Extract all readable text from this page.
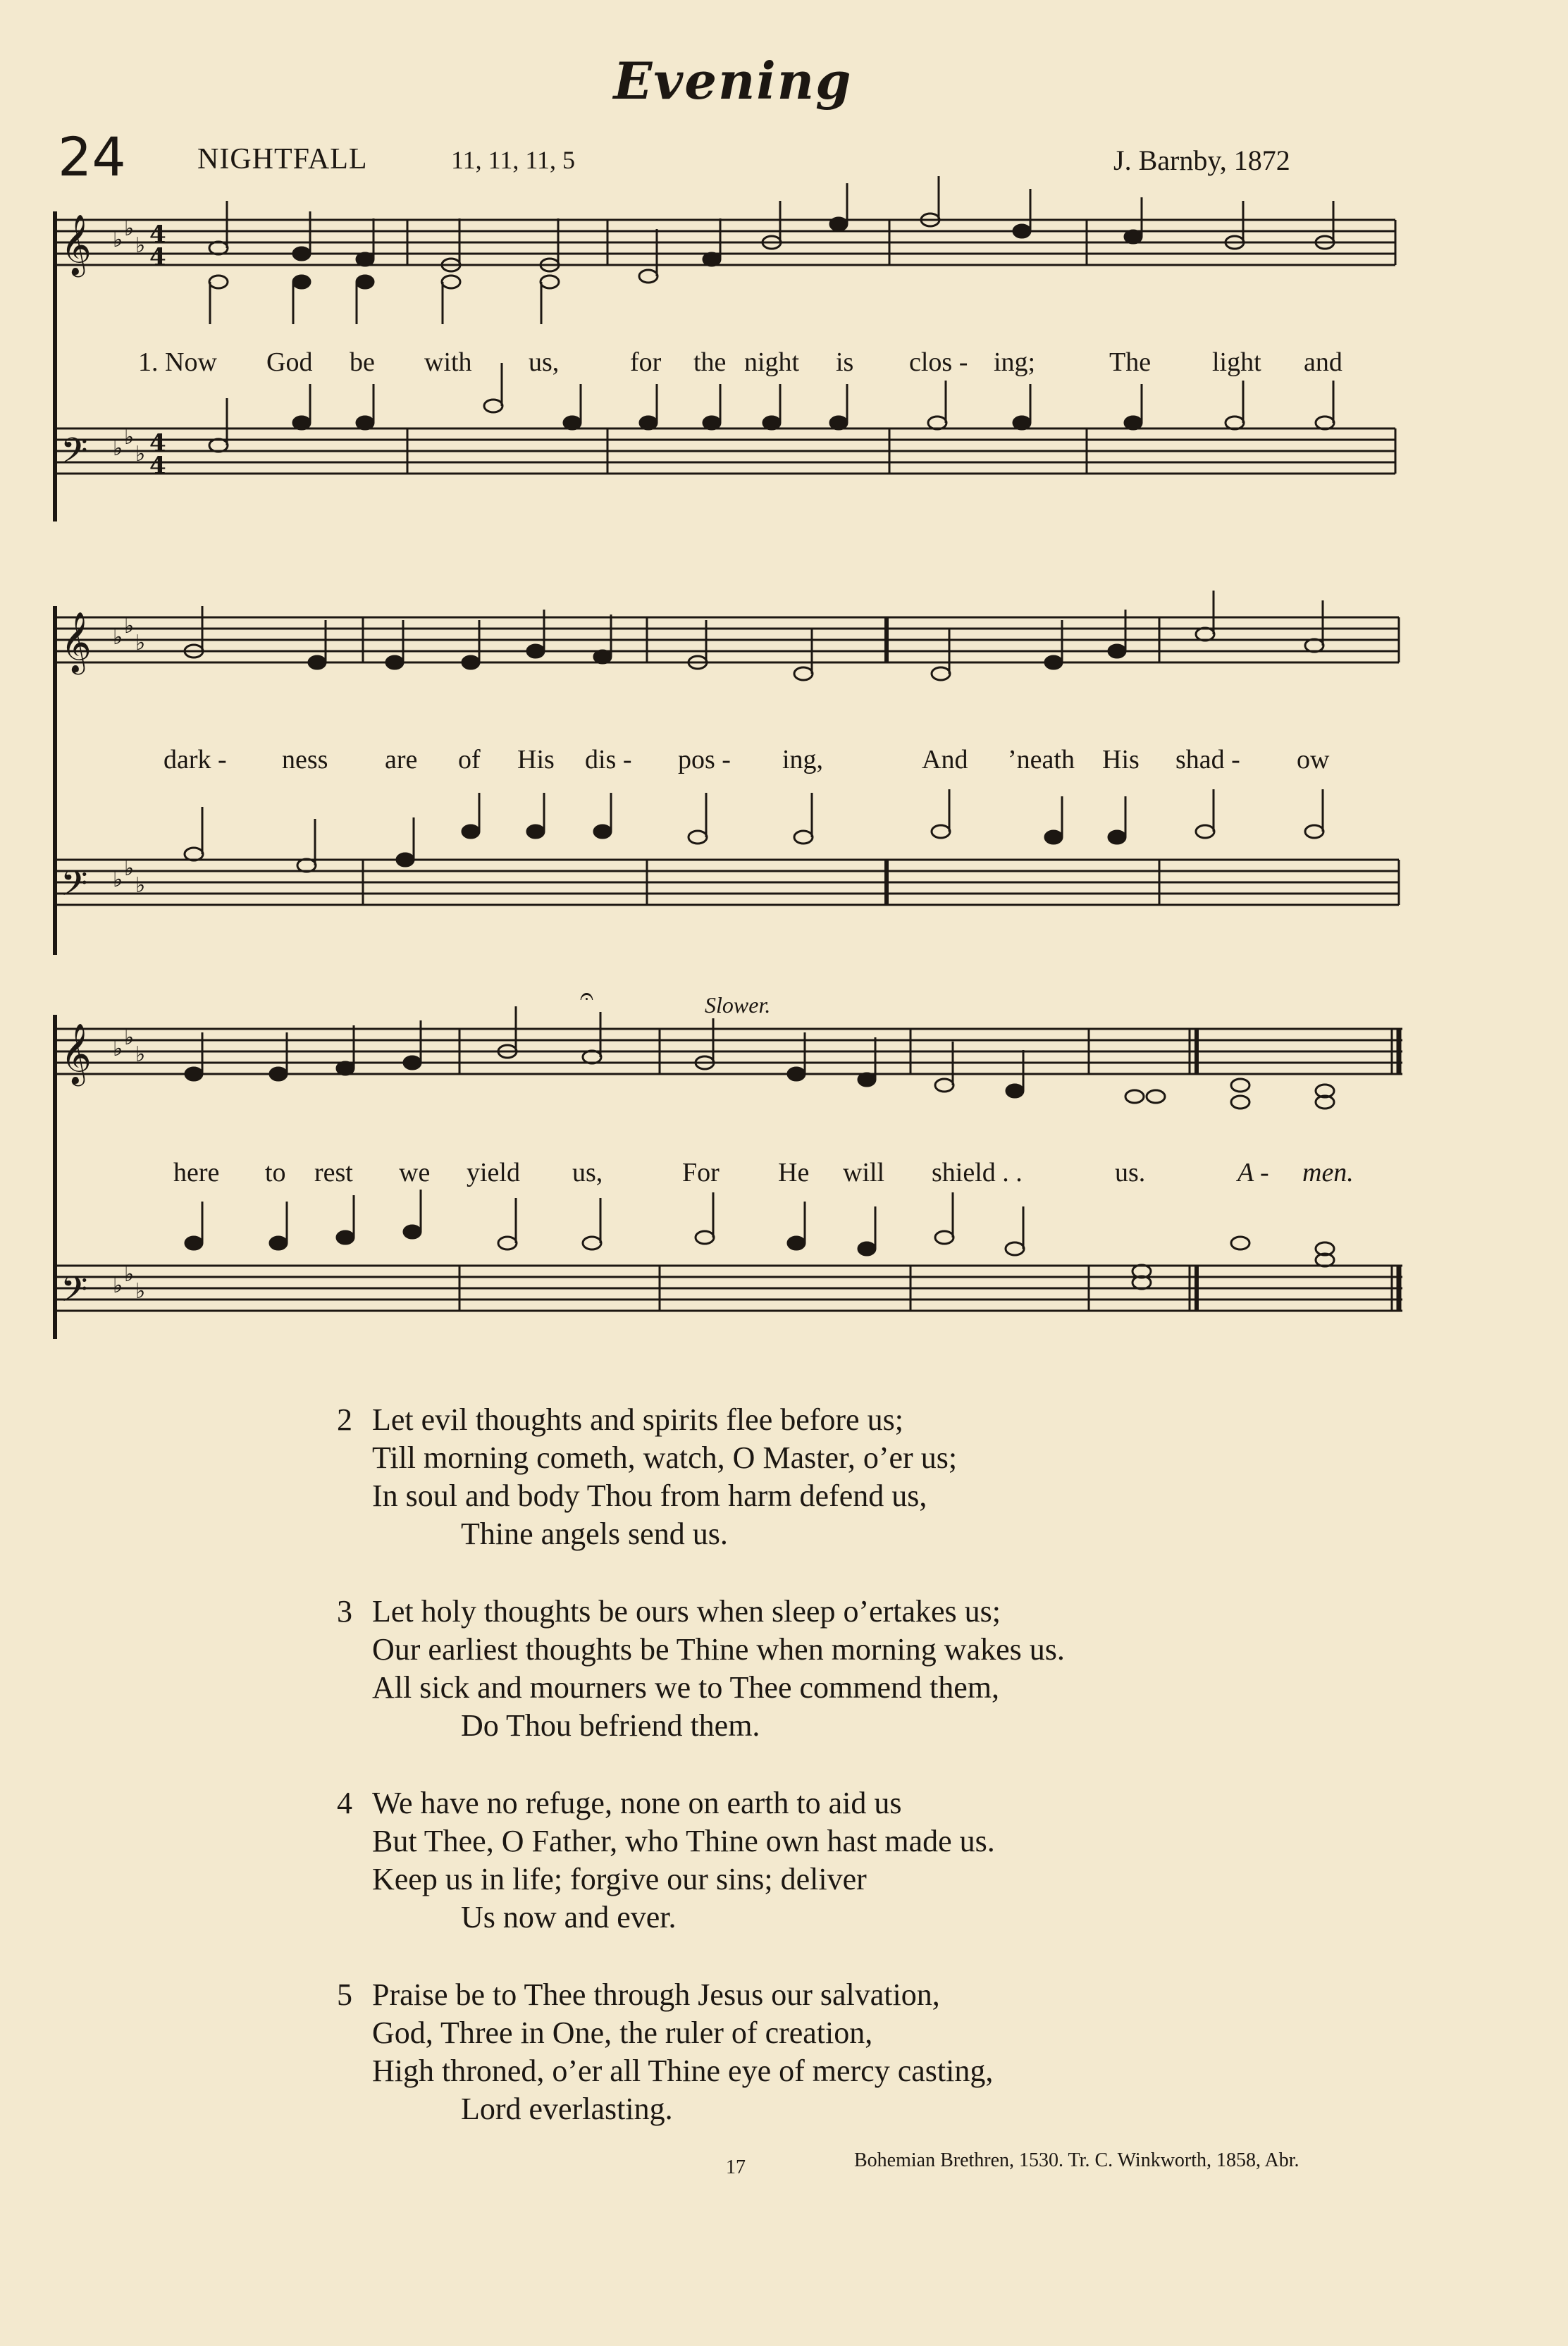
Evening
24 NIGHTFALL	11, 11, 11, 5	J. Barnby, 1872
𝄞
𝄢
♭ ♭
♭
♭ ♭
♭
4
4
4
4
𝄞
𝄢
♭ ♭
♭
♭ ♭
♭
𝄞
𝄢
♭ ♭
♭
♭ ♭
♭
𝄐
1. Now God be with us,	for the night is clos - ing;	The light and
dark - ness are of His dis - pos - ing,	And ’neath His shad - ow
Slower.
here to rest we yield us,	For He will shield . .	us.	A - men.
2 Let evil thoughts and spirits flee before us;
Till morning cometh, watch, O Master, o’er us;
In soul and body Thou from harm defend us,
Thine angels send us.
3 Let holy thoughts be ours when sleep o’ertakes us;
Our earliest thoughts be Thine when morning wakes us.
All sick and mourners we to Thee commend them,
Do Thou befriend them.
4 We have no refuge, none on earth to aid us
But Thee, O Father, who Thine own hast made us.
Keep us in life; forgive our sins; deliver
Us now and ever.
5 Praise be to Thee through Jesus our salvation,
God, Three in One, the ruler of creation,
High throned, o’er all Thine eye of mercy casting,
Lord everlasting.
Bohemian Brethren, 1530. Tr. C. Winkworth, 1858, Abr.
17
